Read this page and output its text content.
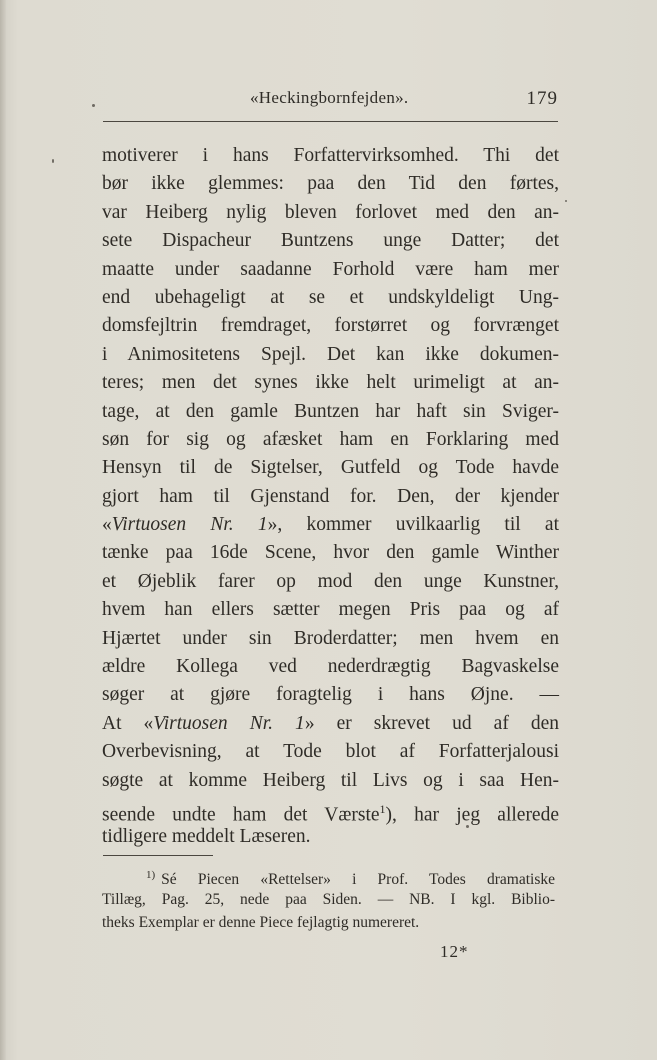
«Heckingbornfejden».	179
motiverer i hans Forfattervirksomhed. Thi det
bør ikke glemmes: paa den Tid den førtes,
var Heiberg nylig bleven forlovet med den an-
sete Dispacheur Buntzens unge Datter; det
maatte under saadanne Forhold være ham mer
end ubehageligt at se et undskyldeligt Ung-
domsfejltrin fremdraget, forstørret og forvrænget
i Animositetens Spejl. Det kan ikke dokumen-
teres; men det synes ikke helt urimeligt at an-
tage, at den gamle Buntzen har haft sin Sviger-
søn for sig og afæsket ham en Forklaring med
Hensyn til de Sigtelser, Gutfeld og Tode havde
gjort ham til Gjenstand for. Den, der kjender
«Virtuosen Nr. 1», kommer uvilkaarlig til at
tænke paa 16de Scene, hvor den gamle Winther
et Øjeblik farer op mod den unge Kunstner,
hvem han ellers sætter megen Pris paa og af
Hjærtet under sin Broderdatter; men hvem en
ældre Kollega ved nederdrægtig Bagvaskelse
søger at gjøre foragtelig i hans Øjne. —
At «Virtuosen Nr. 1» er skrevet ud af den
Overbevisning, at Tode blot af Forfatterjalousi
søgte at komme Heiberg til Livs og i saa Hen-
seende undte ham det Værste$^1$), har jeg allerede
tidligere meddelt Læseren.
$^{1)}$ Sé Piecen «Rettelser» i Prof. Todes dramatiske
Tillæg, Pag. 25, nede paa Siden. — NB. I kgl. Biblio-
theks Exemplar er denne Piece fejlagtig numereret.
12*
